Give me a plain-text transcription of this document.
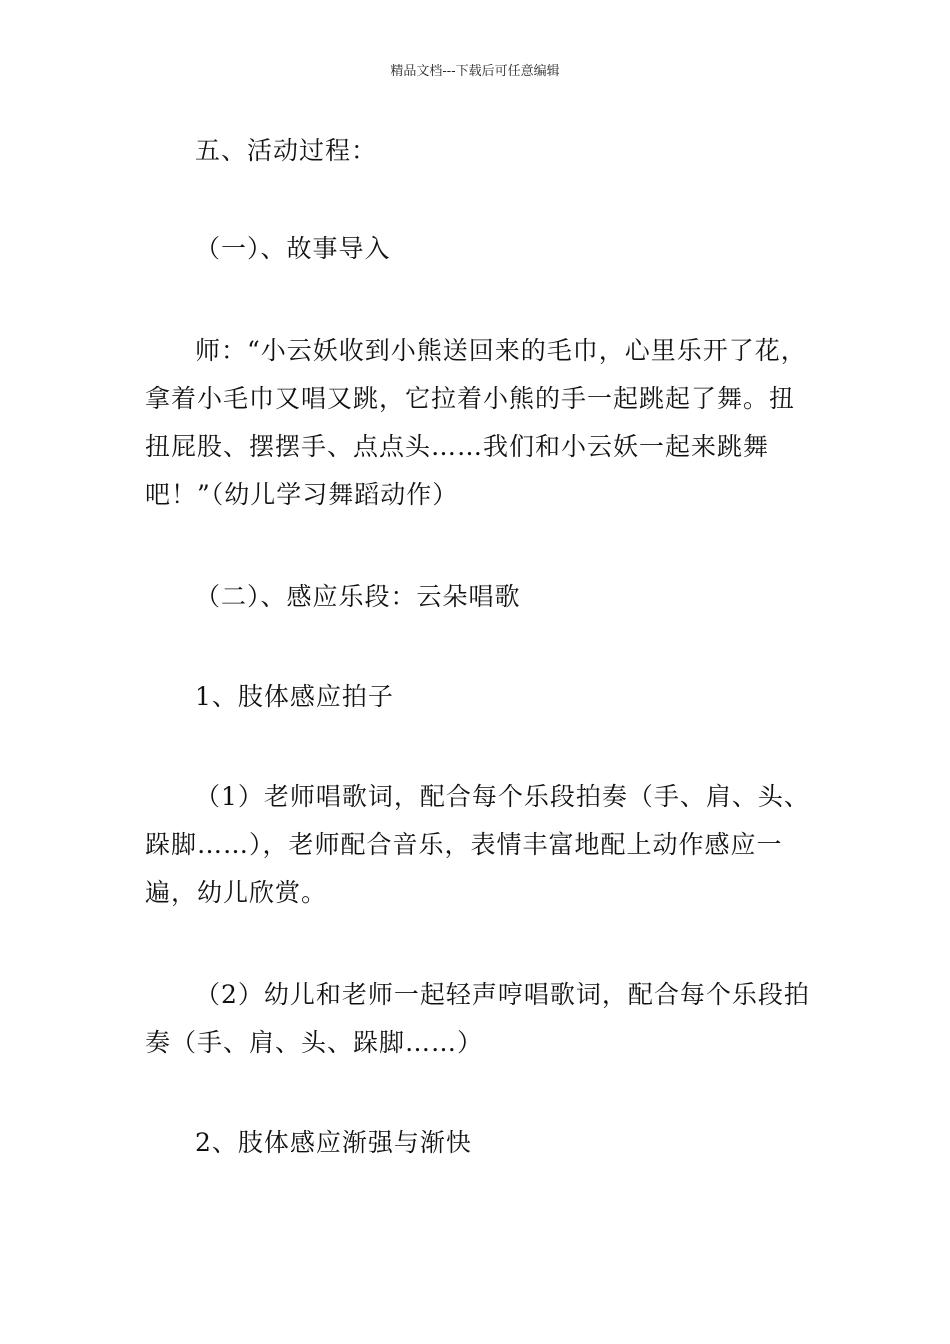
精品文档---下载后可任意编辑

五、活动过程：

（一）、故事导入

师：“小云妖收到小熊送回来的毛巾，心里乐开了花，拿着小毛巾又唱又跳，它拉着小熊的手一起跳起了舞。扭扭屁股、摆摆手、点点头……我们和小云妖一起来跳舞吧！”（幼儿学习舞蹈动作）

（二）、感应乐段：云朵唱歌

1、肢体感应拍子

（1）老师唱歌词，配合每个乐段拍奏（手、肩、头、跺脚……），老师配合音乐，表情丰富地配上动作感应一遍，幼儿欣赏。

（2）幼儿和老师一起轻声哼唱歌词，配合每个乐段拍奏（手、肩、头、跺脚……）

2、肢体感应渐强与渐快
